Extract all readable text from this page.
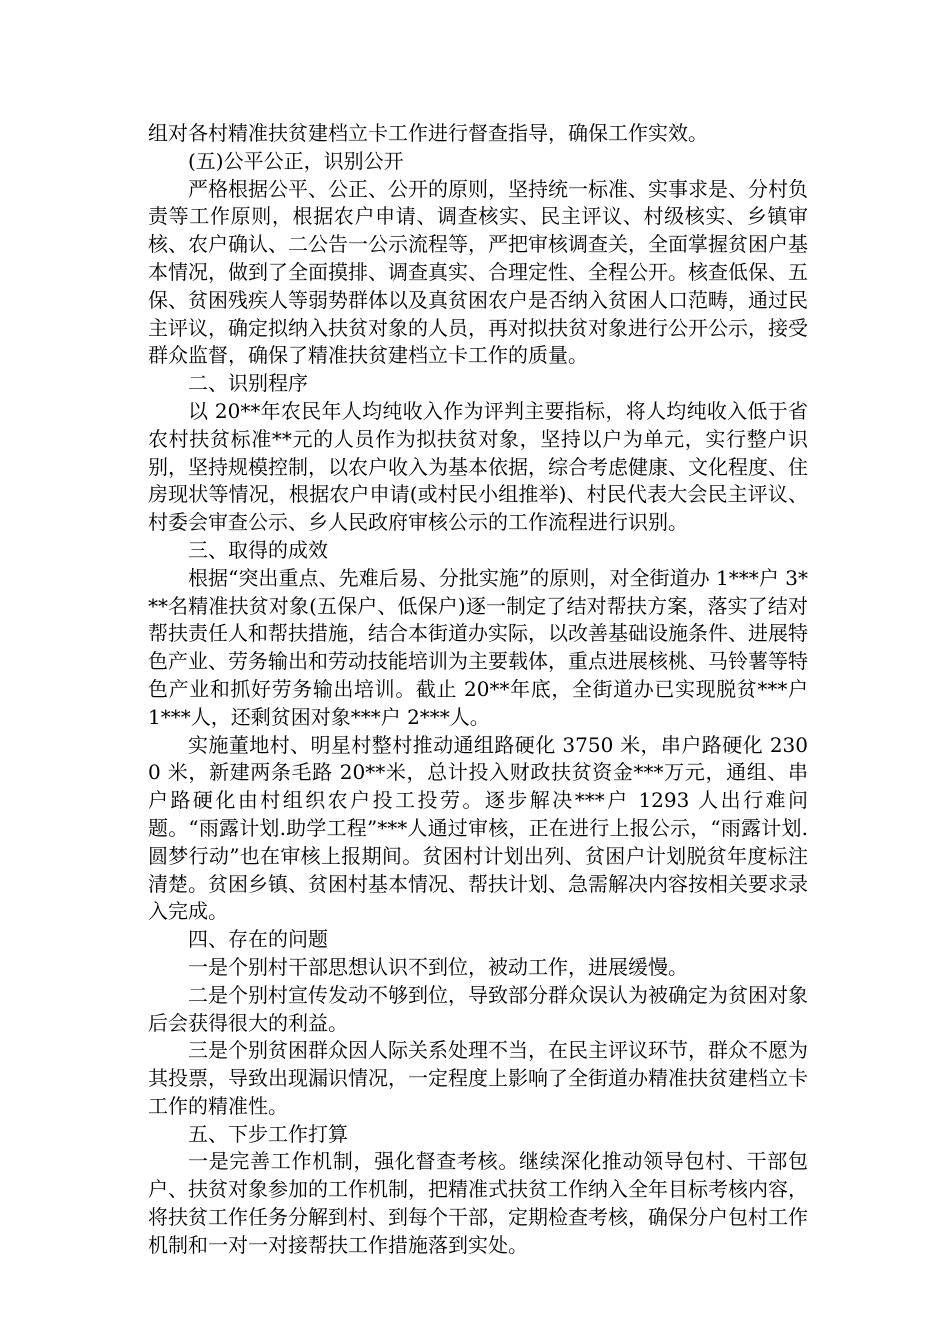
组对各村精准扶贫建档立卡工作进行督查指导，确保工作实效。

(五)公平公正，识别公开

严格根据公平、公正、公开的原则，坚持统一标准、实事求是、分村负责等工作原则，根据农户申请、调查核实、民主评议、村级核实、乡镇审核、农户确认、二公告一公示流程等，严把审核调查关，全面掌握贫困户基本情况，做到了全面摸排、调查真实、合理定性、全程公开。核查低保、五保、贫困残疾人等弱势群体以及真贫困农户是否纳入贫困人口范畴，通过民主评议，确定拟纳入扶贫对象的人员，再对拟扶贫对象进行公开公示，接受群众监督，确保了精准扶贫建档立卡工作的质量。

二、识别程序

以 20**年农民年人均纯收入作为评判主要指标，将人均纯收入低于省农村扶贫标准**元的人员作为拟扶贫对象，坚持以户为单元，实行整户识别，坚持规模控制，以农户收入为基本依据，综合考虑健康、文化程度、住房现状等情况，根据农户申请(或村民小组推举)、村民代表大会民主评议、村委会审查公示、乡人民政府审核公示的工作流程进行识别。

三、取得的成效

根据“突出重点、先难后易、分批实施”的原则，对全街道办 1***户 3***名精准扶贫对象(五保户、低保户)逐一制定了结对帮扶方案，落实了结对帮扶责任人和帮扶措施，结合本街道办实际，以改善基础设施条件、进展特色产业、劳务输出和劳动技能培训为主要载体，重点进展核桃、马铃薯等特色产业和抓好劳务输出培训。截止 20**年底，全街道办已实现脱贫***户 1***人，还剩贫困对象***户 2***人。

实施董地村、明星村整村推动通组路硬化 3750 米，串户路硬化 2300 米，新建两条毛路 20**米，总计投入财政扶贫资金***万元，通组、串户路硬化由村组织农户投工投劳。逐步解决***户 1293 人出行难问题。“雨露计划.助学工程”***人通过审核，正在进行上报公示，“雨露计划.圆梦行动”也在审核上报期间。贫困村计划出列、贫困户计划脱贫年度标注清楚。贫困乡镇、贫困村基本情况、帮扶计划、急需解决内容按相关要求录入完成。

四、存在的问题

一是个别村干部思想认识不到位，被动工作，进展缓慢。

二是个别村宣传发动不够到位，导致部分群众误认为被确定为贫困对象后会获得很大的利益。

三是个别贫困群众因人际关系处理不当，在民主评议环节，群众不愿为其投票，导致出现漏识情况，一定程度上影响了全街道办精准扶贫建档立卡工作的精准性。

五、下步工作打算

一是完善工作机制，强化督查考核。继续深化推动领导包村、干部包户、扶贫对象参加的工作机制，把精准式扶贫工作纳入全年目标考核内容，将扶贫工作任务分解到村、到每个干部，定期检查考核，确保分户包村工作机制和一对一对接帮扶工作措施落到实处。
